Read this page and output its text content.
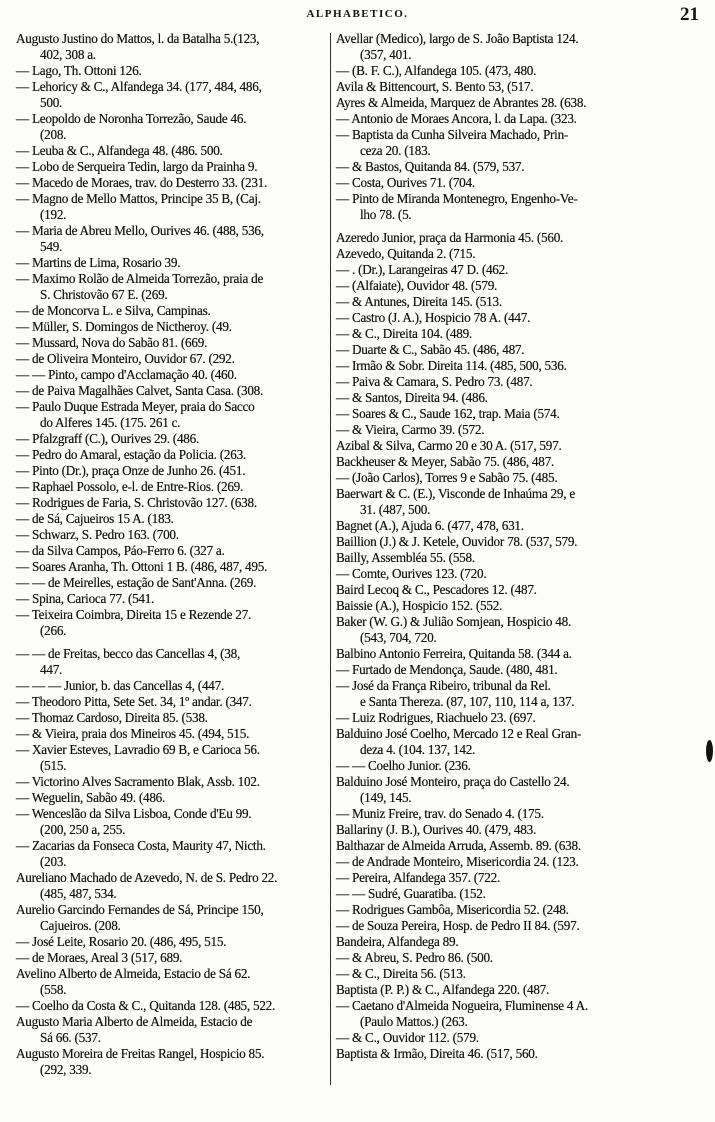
ALPHABETICO.	21
Augusto Justino do Mattos, l. da Batalha 5.(123,
402, 308 a.
— Lago, Th. Ottoni 126.
— Lehoricy & C., Alfandega 34. (177, 484, 486,
500.
— Leopoldo de Noronha Torrezão, Saude 46.
(208.
— Leuba & C., Alfandega 48. (486. 500.
— Lobo de Serqueira Tedin, largo da Prainha 9.
— Macedo de Moraes, trav. do Desterro 33. (231.
— Magno de Mello Mattos, Principe 35 B, (Caj.
(192.
— Maria de Abreu Mello, Ourives 46. (488, 536,
549.
— Martins de Lima, Rosario 39.
— Maximo Rolão de Almeida Torrezão, praia de
S. Christovão 67 E. (269.
— de Moncorva L. e Silva, Campinas.
— Müller, S. Domingos de Nictheroy. (49.
— Mussard, Nova do Sabão 81. (669.
— de Oliveira Monteiro, Ouvidor 67. (292.
— — Pinto, campo d'Acclamação 40. (460.
— de Paiva Magalhães Calvet, Santa Casa. (308.
— Paulo Duque Estrada Meyer, praia do Sacco
do Alferes 145. (175. 261 c.
— Pfalzgraff (C.), Ourives 29. (486.
— Pedro do Amaral, estação da Policia. (263.
— Pinto (Dr.), praça Onze de Junho 26. (451.
— Raphael Possolo, e-l. de Entre-Rios. (269.
— Rodrigues de Faria, S. Christovão 127. (638.
— de Sá, Cajueiros 15 A. (183.
— Schwarz, S. Pedro 163. (700.
— da Silva Campos, Páo-Ferro 6. (327 a.
— Soares Aranha, Th. Ottoni 1 B. (486, 487, 495.
— — de Meirelles, estação de Sant'Anna. (269.
— Spina, Carioca 77. (541.
— Teixeira Coimbra, Direita 15 e Rezende 27.
(266.
— — de Freitas, becco das Cancellas 4, (38,
447.
— — — Junior, b. das Cancellas 4, (447.
— Theodoro Pitta, Sete Set. 34, 1º andar. (347.
— Thomaz Cardoso, Direita 85. (538.
— & Vieira, praia dos Mineiros 45. (494, 515.
— Xavier Esteves, Lavradio 69 B, e Carioca 56.
(515.
— Victorino Alves Sacramento Blak, Assb. 102.
— Weguelin, Sabão 49. (486.
— Wenceslão da Silva Lisboa, Conde d'Eu 99.
(200, 250 a, 255.
— Zacarias da Fonseca Costa, Maurity 47, Nicth.
(203.
Aureliano Machado de Azevedo, N. de S. Pedro 22.
(485, 487, 534.
Aurelio Garcindo Fernandes de Sá, Principe 150,
Cajueiros. (208.
— José Leite, Rosario 20. (486, 495, 515.
— de Moraes, Areal 3 (517, 689.
Avelino Alberto de Almeida, Estacio de Sá 62.
(558.
— Coelho da Costa & C., Quitanda 128. (485, 522.
Augusto Maria Alberto de Almeida, Estacio de
Sá 66. (537.
Augusto Moreira de Freitas Rangel, Hospicio 85.
(292, 339.
Avellar (Medico), largo de S. João Baptista 124.
(357, 401.
— (B. F. C.), Alfandega 105. (473, 480.
Avila & Bittencourt, S. Bento 53, (517.
Ayres & Almeida, Marquez de Abrantes 28. (638.
— Antonio de Moraes Ancora, l. da Lapa. (323.
— Baptista da Cunha Silveira Machado, Prin-
ceza 20. (183.
— & Bastos, Quitanda 84. (579, 537.
— Costa, Ourives 71. (704.
— Pinto de Miranda Montenegro, Engenho-Ve-
lho 78. (5.
Azeredo Junior, praça da Harmonia 45. (560.
Azevedo, Quitanda 2. (715.
— . (Dr.), Larangeiras 47 D. (462.
— (Alfaiate), Ouvidor 48. (579.
— & Antunes, Direita 145. (513.
— Castro (J. A.), Hospicio 78 A. (447.
— & C., Direita 104. (489.
— Duarte & C., Sabão 45. (486, 487.
— Irmão & Sobr. Direita 114. (485, 500, 536.
— Paiva & Camara, S. Pedro 73. (487.
— & Santos, Direita 94. (486.
— Soares & C., Saude 162, trap. Maia (574.
— & Vieira, Carmo 39. (572.
Azibal & Silva, Carmo 20 e 30 A. (517, 597.
Backheuser & Meyer, Sabão 75. (486, 487.
— (João Carlos), Torres 9 e Sabão 75. (485.
Baerwart & C. (E.), Visconde de Inhaúma 29, e
31. (487, 500.
Bagnet (A.), Ajuda 6. (477, 478, 631.
Baillion (J.) & J. Ketele, Ouvidor 78. (537, 579.
Bailly, Assembléa 55. (558.
— Comte, Ourives 123. (720.
Baird Lecoq & C., Pescadores 12. (487.
Baissie (A.), Hospicio 152. (552.
Baker (W. G.) & Julião Somjean, Hospicio 48.
(543, 704, 720.
Balbino Antonio Ferreira, Quitanda 58. (344 a.
— Furtado de Mendonça, Saude. (480, 481.
— José da França Ribeiro, tribunal da Rel.
e Santa Thereza. (87, 107, 110, 114 a, 137.
— Luiz Rodrigues, Riachuelo 23. (697.
Balduino José Coelho, Mercado 12 e Real Gran-
deza 4. (104. 137, 142.
— — Coelho Junior. (236.
Balduino José Monteiro, praça do Castello 24.
(149, 145.
— Muniz Freire, trav. do Senado 4. (175.
Ballariny (J. B.), Ourives 40. (479, 483.
Balthazar de Almeida Arruda, Assemb. 89. (638.
— de Andrade Monteiro, Misericordia 24. (123.
— Pereira, Alfandega 357. (722.
— — Sudré, Guaratiba. (152.
— Rodrigues Gambôa, Misericordia 52. (248.
— de Souza Pereira, Hosp. de Pedro II 84. (597.
Bandeira, Alfandega 89.
— & Abreu, S. Pedro 86. (500.
— & C., Direita 56. (513.
Baptista (P. P.) & C., Alfandega 220. (487.
— Caetano d'Almeida Nogueira, Fluminense 4 A.
(Paulo Mattos.) (263.
— & C., Ouvidor 112. (579.
Baptista & Irmão, Direita 46. (517, 560.
